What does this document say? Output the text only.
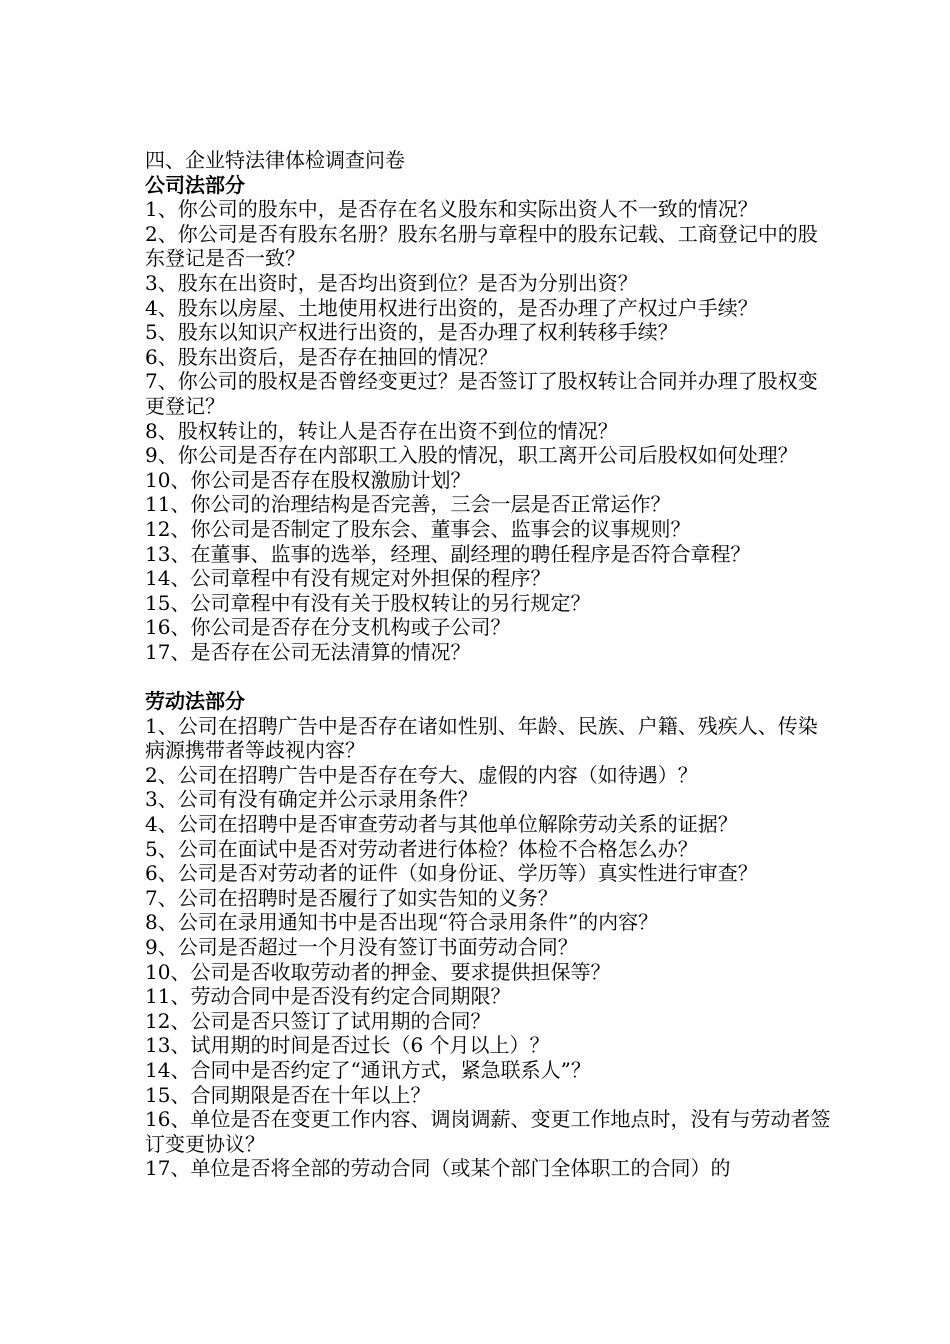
四、企业特法律体检调查问卷
公司法部分
1、你公司的股东中，是否存在名义股东和实际出资人不一致的情况？
2、你公司是否有股东名册？股东名册与章程中的股东记载、工商登记中的股东登记是否一致？
3、股东在出资时，是否均出资到位？是否为分别出资？
4、股东以房屋、土地使用权进行出资的，是否办理了产权过户手续？
5、股东以知识产权进行出资的，是否办理了权利转移手续？
6、股东出资后，是否存在抽回的情况？
7、你公司的股权是否曾经变更过？是否签订了股权转让合同并办理了股权变更登记？
8、股权转让的，转让人是否存在出资不到位的情况？
9、你公司是否存在内部职工入股的情况，职工离开公司后股权如何处理？
10、你公司是否存在股权激励计划？
11、你公司的治理结构是否完善，三会一层是否正常运作？
12、你公司是否制定了股东会、董事会、监事会的议事规则？
13、在董事、监事的选举，经理、副经理的聘任程序是否符合章程？
14、公司章程中有没有规定对外担保的程序？
15、公司章程中有没有关于股权转让的另行规定？
16、你公司是否存在分支机构或子公司？
17、是否存在公司无法清算的情况？
劳动法部分
1、公司在招聘广告中是否存在诸如性别、年龄、民族、户籍、残疾人、传染病源携带者等歧视内容？
2、公司在招聘广告中是否存在夸大、虚假的内容（如待遇）？
3、公司有没有确定并公示录用条件？
4、公司在招聘中是否审查劳动者与其他单位解除劳动关系的证据？
5、公司在面试中是否对劳动者进行体检？体检不合格怎么办？
6、公司是否对劳动者的证件（如身份证、学历等）真实性进行审查？
7、公司在招聘时是否履行了如实告知的义务？
8、公司在录用通知书中是否出现“符合录用条件”的内容？
9、公司是否超过一个月没有签订书面劳动合同？
10、公司是否收取劳动者的押金、要求提供担保等？
11、劳动合同中是否没有约定合同期限？
12、公司是否只签订了试用期的合同？
13、试用期的时间是否过长（6 个月以上）？
14、合同中是否约定了“通讯方式，紧急联系人”？
15、合同期限是否在十年以上？
16、单位是否在变更工作内容、调岗调薪、变更工作地点时，没有与劳动者签订变更协议？
17、单位是否将全部的劳动合同（或某个部门全体职工的合同）的
